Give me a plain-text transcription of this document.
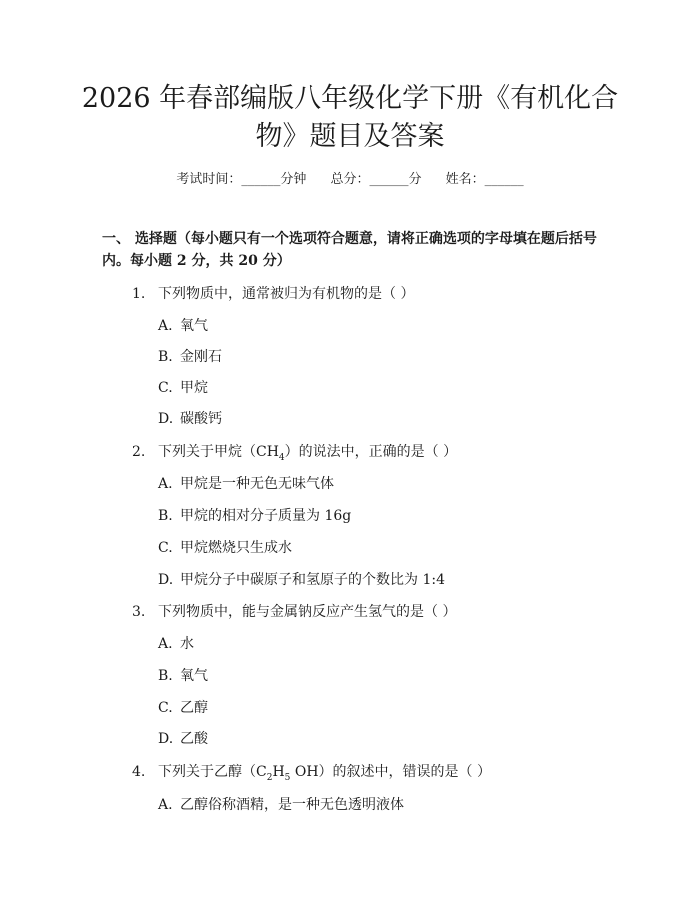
2026 年春部编版八年级化学下册《有机化合
物》题目及答案
考试时间：______分钟 总分：______分 姓名：______
一、 选择题（每小题只有一个选项符合题意，请将正确选项的字母填在题后括号内。每小题 2 分，共 20 分）
1. 下列物质中，通常被归为有机物的是（ ）
A. 氧气
B. 金刚石
C. 甲烷
D. 碳酸钙
2. 下列关于甲烷$(CH_4)$的说法中，正确的是（ ）
A. 甲烷是一种无色无味气体
B. 甲烷的相对分子质量为 16g
C. 甲烷燃烧只生成水
D. 甲烷分子中碳原子和氢原子的个数比为 1:4
3. 下列物质中，能与金属钠反应产生氢气的是（ ）
A. 水
B. 氧气
C. 乙醇
D. 乙酸
4. 下列关于乙醇（$C_2H_5$ OH）的叙述中，错误的是（ ）
A. 乙醇俗称酒精，是一种无色透明液体
